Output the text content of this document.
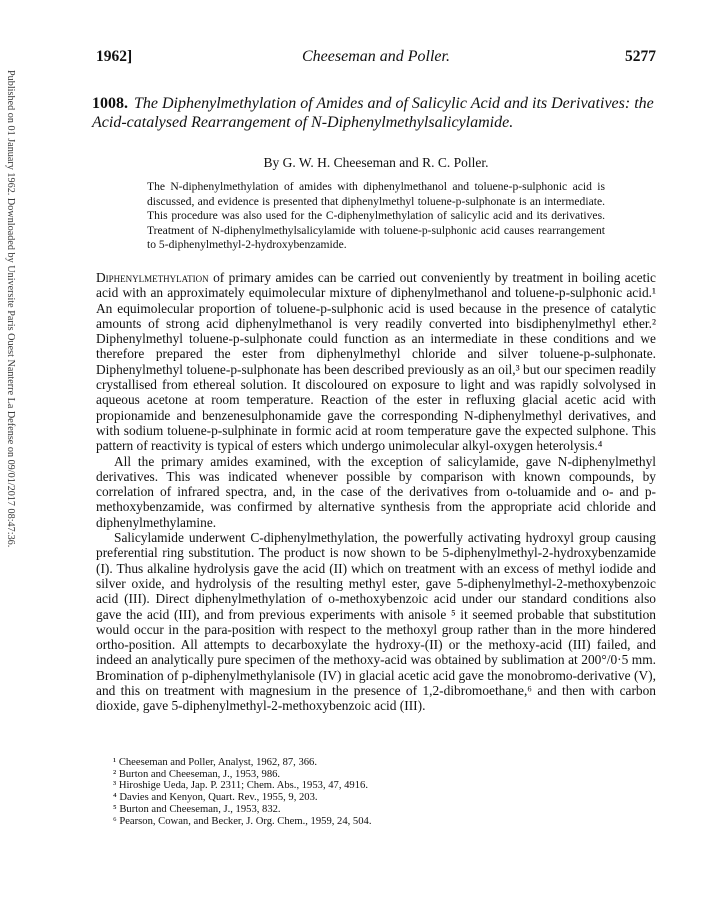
Published on 01 January 1962. Downloaded by Universite Paris Ouest Nanterre La Defense on 09/01/2017 08:47:36.
1962]	Cheeseman and Poller.	5277
1008. The Diphenylmethylation of Amides and of Salicylic Acid and its Derivatives: the Acid-catalysed Rearrangement of N-Diphenylmethylsalicylamide.
By G. W. H. Cheeseman and R. C. Poller.
The N-diphenylmethylation of amides with diphenylmethanol and toluene-p-sulphonic acid is discussed, and evidence is presented that diphenylmethyl toluene-p-sulphonate is an intermediate. This procedure was also used for the C-diphenylmethylation of salicylic acid and its derivatives. Treatment of N-diphenylmethylsalicylamide with toluene-p-sulphonic acid causes rearrangement to 5-diphenylmethyl-2-hydroxybenzamide.

Diphenylmethylation of primary amides can be carried out conveniently by treatment in boiling acetic acid with an approximately equimolecular mixture of diphenylmethanol and toluene-p-sulphonic acid.¹ An equimolecular proportion of toluene-p-sulphonic acid is used because in the presence of catalytic amounts of strong acid diphenylmethanol is very readily converted into bisdiphenylmethyl ether.² Diphenylmethyl toluene-p-sulphonate could function as an intermediate in these conditions and we therefore prepared the ester from diphenylmethyl chloride and silver toluene-p-sulphonate. Diphenylmethyl toluene-p-sulphonate has been described previously as an oil,³ but our specimen readily crystallised from ethereal solution. It discoloured on exposure to light and was rapidly solvolysed in aqueous acetone at room temperature. Reaction of the ester in refluxing glacial acetic acid with propionamide and benzenesulphonamide gave the corresponding N-diphenylmethyl derivatives, and with sodium toluene-p-sulphinate in formic acid at room temperature gave the expected sulphone. This pattern of reactivity is typical of esters which undergo unimolecular alkyl-oxygen heterolysis.⁴

All the primary amides examined, with the exception of salicylamide, gave N-diphenylmethyl derivatives. This was indicated whenever possible by comparison with known compounds, by correlation of infrared spectra, and, in the case of the derivatives from o-toluamide and o- and p-methoxybenzamide, was confirmed by alternative synthesis from the appropriate acid chloride and diphenylmethylamine.

Salicylamide underwent C-diphenylmethylation, the powerfully activating hydroxyl group causing preferential ring substitution. The product is now shown to be 5-diphenylmethyl-2-hydroxybenzamide (I). Thus alkaline hydrolysis gave the acid (II) which on treatment with an excess of methyl iodide and silver oxide, and hydrolysis of the resulting methyl ester, gave 5-diphenylmethyl-2-methoxybenzoic acid (III). Direct diphenylmethylation of o-methoxybenzoic acid under our standard conditions also gave the acid (III), and from previous experiments with anisole ⁵ it seemed probable that substitution would occur in the para-position with respect to the methoxyl group rather than in the more hindered ortho-position. All attempts to decarboxylate the hydroxy-(II) or the methoxy-acid (III) failed, and indeed an analytically pure specimen of the methoxy-acid was obtained by sublimation at 200°/0·5 mm. Bromination of p-diphenylmethylanisole (IV) in glacial acetic acid gave the monobromo-derivative (V), and this on treatment with magnesium in the presence of 1,2-dibromoethane,⁶ and then with carbon dioxide, gave 5-diphenylmethyl-2-methoxybenzoic acid (III).

¹ Cheeseman and Poller, Analyst, 1962, 87, 366.
² Burton and Cheeseman, J., 1953, 986.
³ Hiroshige Ueda, Jap. P. 2311; Chem. Abs., 1953, 47, 4916.
⁴ Davies and Kenyon, Quart. Rev., 1955, 9, 203.
⁵ Burton and Cheeseman, J., 1953, 832.
⁶ Pearson, Cowan, and Becker, J. Org. Chem., 1959, 24, 504.
